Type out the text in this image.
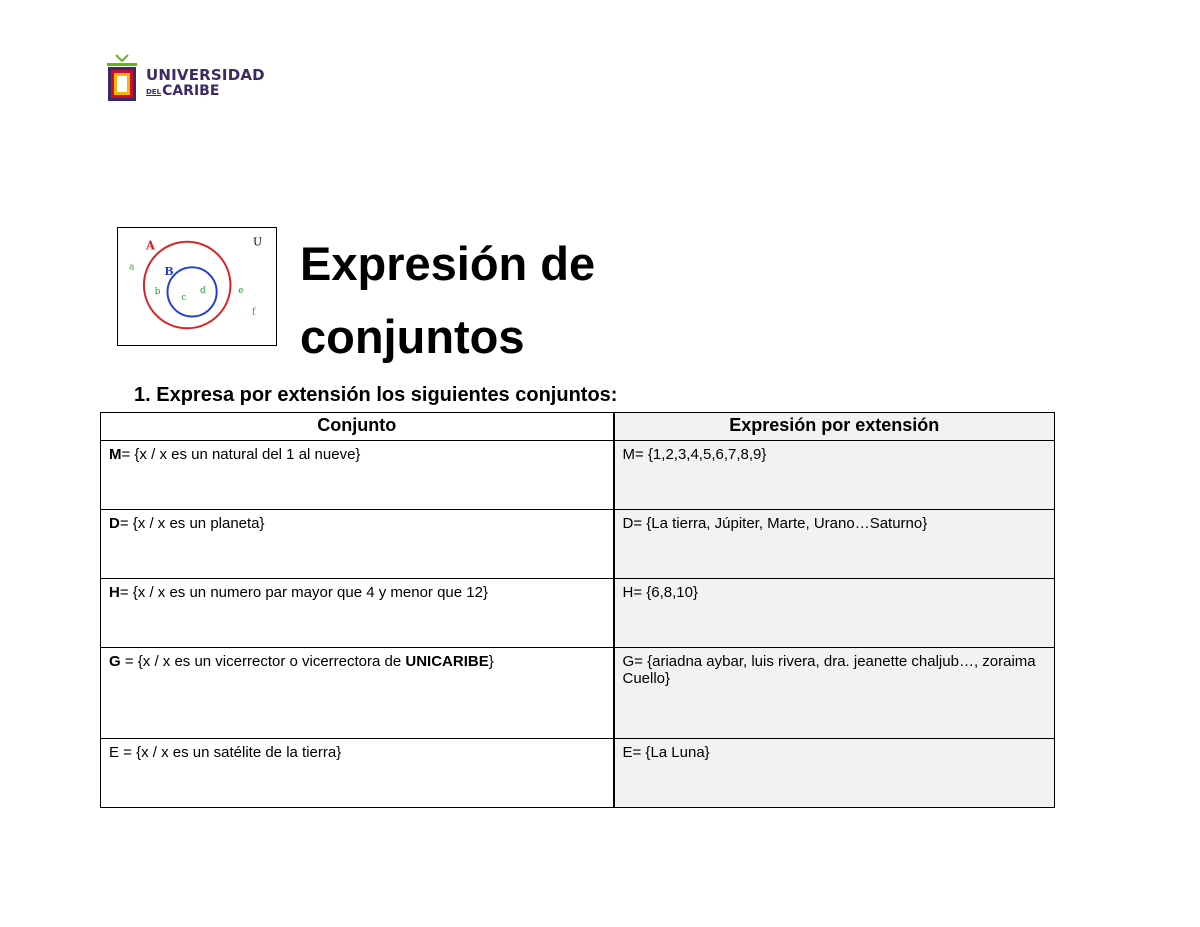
UNIVERSIDAD
DELCARIBE
A
B
U
a
b
c
d	e
f
Expresión de conjuntos

1. Expresa por extensión los siguientes conjuntos:

Conjunto	Expresión por extensión
M= {x / x es un natural del 1 al nueve}	M= {1,2,3,4,5,6,7,8,9}
D= {x / x es un planeta}	D= {La tierra, Júpiter, Marte, Urano…Saturno}
H= {x / x es un numero par mayor que 4 y menor que 12}	H= {6,8,10}
G = {x / x es un vicerrector o vicerrectora de UNICARIBE}	G= {ariadna aybar, luis rivera, dra. jeanette chaljub…, zoraima Cuello}
E = {x / x es un satélite de la tierra}	E= {La Luna}
